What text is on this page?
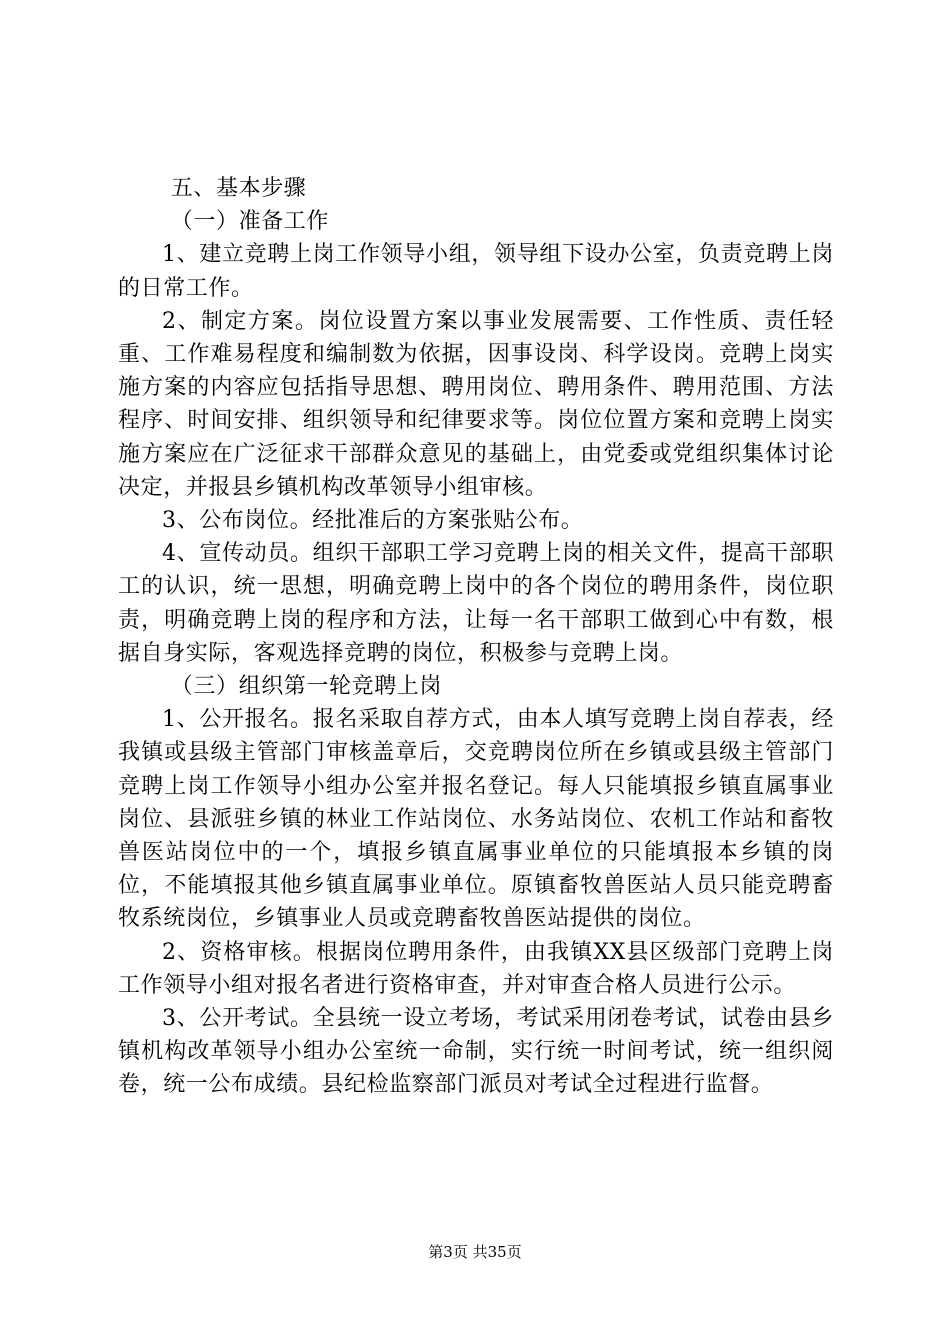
五、基本步骤

（一）准备工作

1、建立竞聘上岗工作领导小组，领导组下设办公室，负责竞聘上岗的日常工作。

2、制定方案。岗位设置方案以事业发展需要、工作性质、责任轻重、工作难易程度和编制数为依据，因事设岗、科学设岗。竞聘上岗实施方案的内容应包括指导思想、聘用岗位、聘用条件、聘用范围、方法程序、时间安排、组织领导和纪律要求等。岗位位置方案和竞聘上岗实施方案应在广泛征求干部群众意见的基础上，由党委或党组织集体讨论决定，并报县乡镇机构改革领导小组审核。

3、公布岗位。经批准后的方案张贴公布。

4、宣传动员。组织干部职工学习竞聘上岗的相关文件，提高干部职工的认识，统一思想，明确竞聘上岗中的各个岗位的聘用条件，岗位职责，明确竞聘上岗的程序和方法，让每一名干部职工做到心中有数，根据自身实际，客观选择竞聘的岗位，积极参与竞聘上岗。

（三）组织第一轮竞聘上岗

1、公开报名。报名采取自荐方式，由本人填写竞聘上岗自荐表，经我镇或县级主管部门审核盖章后，交竞聘岗位所在乡镇或县级主管部门竞聘上岗工作领导小组办公室并报名登记。每人只能填报乡镇直属事业岗位、县派驻乡镇的林业工作站岗位、水务站岗位、农机工作站和畜牧兽医站岗位中的一个，填报乡镇直属事业单位的只能填报本乡镇的岗位，不能填报其他乡镇直属事业单位。原镇畜牧兽医站人员只能竞聘畜牧系统岗位，乡镇事业人员或竞聘畜牧兽医站提供的岗位。

2、资格审核。根据岗位聘用条件，由我镇XX县区级部门竞聘上岗工作领导小组对报名者进行资格审查，并对审查合格人员进行公示。

3、公开考试。全县统一设立考场，考试采用闭卷考试，试卷由县乡镇机构改革领导小组办公室统一命制，实行统一时间考试，统一组织阅卷，统一公布成绩。县纪检监察部门派员对考试全过程进行监督。

第3页 共35页
